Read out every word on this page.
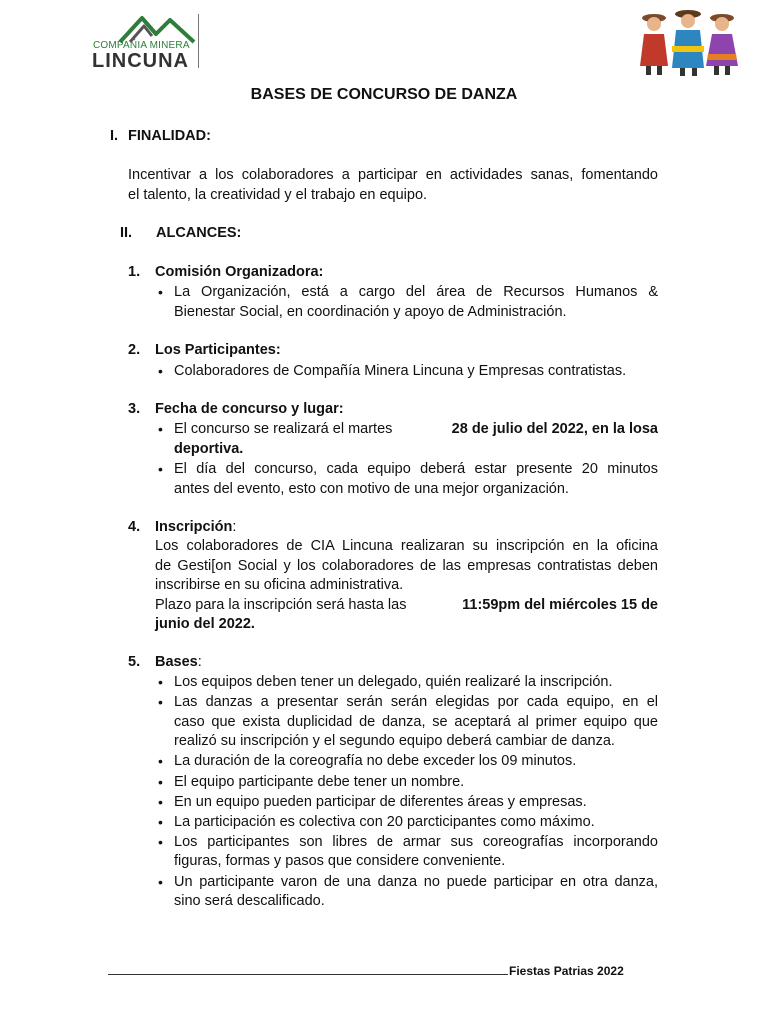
COMPAÑIA MINERA
LINCUNA
BASES DE CONCURSO DE DANZA
I. FINALIDAD:
Incentivar a los colaboradores a participar en actividades sanas, fomentando
el talento, la creatividad y el trabajo en equipo.
II. ALCANCES:
1. Comisión Organizadora:
• La Organización, está a cargo del área de Recursos Humanos &
Bienestar Social, en coordinación y apoyo de Administración.
2. Los Participantes:
• Colaboradores de Compañía Minera Lincuna y Empresas contratistas.
3. Fecha de concurso y lugar:
• El concurso se realizará el martes	28 de julio del 2022, en la losa
deportiva.
• El día del concurso, cada equipo deberá estar presente 20 minutos
antes del evento, esto con motivo de una mejor organización.
4. Inscripción:
Los colaboradores de CIA Lincuna realizaran su inscripción en la oficina
de Gesti[on Social y los colaboradores de las empresas contratistas deben
inscribirse en su oficina administrativa.
Plazo para la inscripción será hasta las	11:59pm del miércoles 15 de
junio del 2022.
5. Bases:
• Los equipos deben tener un delegado, quién realizaré la inscripción.
• Las danzas a presentar serán serán elegidas por cada equipo, en el
caso que exista duplicidad de danza, se aceptará al primer equipo que
realizó su inscripción y el segundo equipo deberá cambiar de danza.
• La duración de la coreografía no debe exceder los 09 minutos.
• El equipo participante debe tener un nombre.
• En un equipo pueden participar de diferentes áreas y empresas.
• La participación es colectiva con 20 parcticipantes como máximo.
• Los participantes son libres de armar sus coreografías incorporando
figuras, formas y pasos que considere conveniente.
• Un participante varon de una danza no puede participar en otra danza,
sino será descalificado.
Fiestas Patrias 2022
